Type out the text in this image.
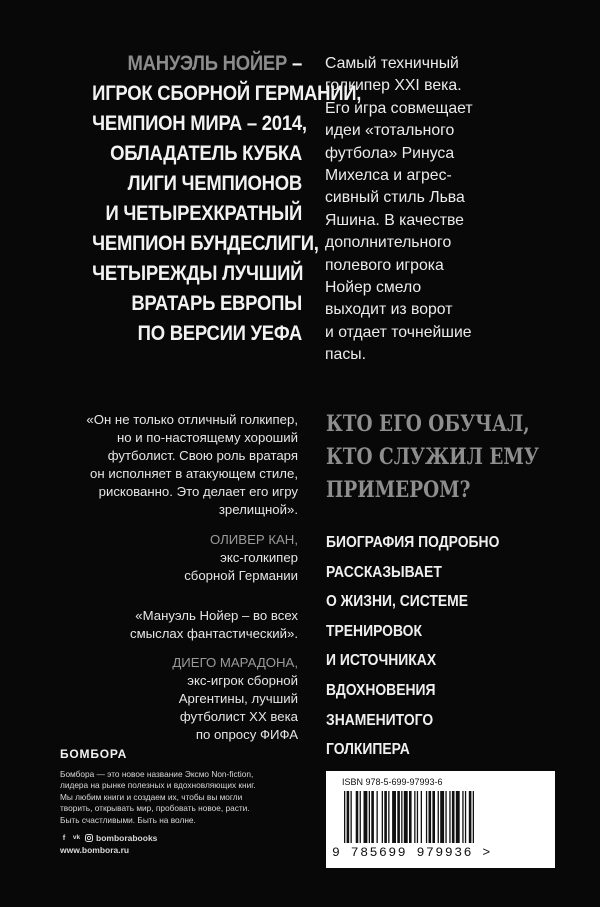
МАНУЭЛЬ НОЙЕР –
ИГРОК СБОРНОЙ ГЕРМАНИИ,
ЧЕМПИОН МИРА – 2014,
ОБЛАДАТЕЛЬ КУБКА
ЛИГИ ЧЕМПИОНОВ
И ЧЕТЫРЕХКРАТНЫЙ
ЧЕМПИОН БУНДЕСЛИГИ,
ЧЕТЫРЕЖДЫ ЛУЧШИЙ
ВРАТАРЬ ЕВРОПЫ
ПО ВЕРСИИ УЕФА
Самый техничный
голкипер XXI века.
Его игра совмещает
идеи «тотального
футбола» Ринуса
Михелса и агрес-
сивный стиль Льва
Яшина. В качестве
дополнительного
полевого игрока
Нойер смело
выходит из ворот
и отдает точнейшие
пасы.
«Он не только отличный голкипер,
но и по-настоящему хороший
футболист. Свою роль вратаря
он исполняет в атакующем стиле,
рискованно. Это делает его игру
зрелищной».
ОЛИВЕР КАН,
экс-голкипер
сборной Германии
«Мануэль Нойер – во всех
смыслах фантастический».
ДИЕГО МАРАДОНА,
экс-игрок сборной
Аргентины, лучший
футболист XX века
по опросу ФИФА
КТО ЕГО ОБУЧАЛ,
КТО СЛУЖИЛ ЕМУ
ПРИМЕРОМ?
БИОГРАФИЯ ПОДРОБНО
РАССКАЗЫВАЕТ
О ЖИЗНИ, СИСТЕМЕ
ТРЕНИРОВОК
И ИСТОЧНИКАХ
ВДОХНОВЕНИЯ
ЗНАМЕНИТОГО
ГОЛКИПЕРА
БОМБОРА
Бомбора — это новое название Эксмо Non-fiction,
лидера на рынке полезных и вдохновляющих книг.
Мы любим книги и создаем их, чтобы вы могли
творить, открывать мир, пробовать новое, расти.
Быть счастливыми. Быть на волне.
f	vk bomborabooks
www.bombora.ru
ISBN 978-5-699-97993-6
9 785699 979936 >
